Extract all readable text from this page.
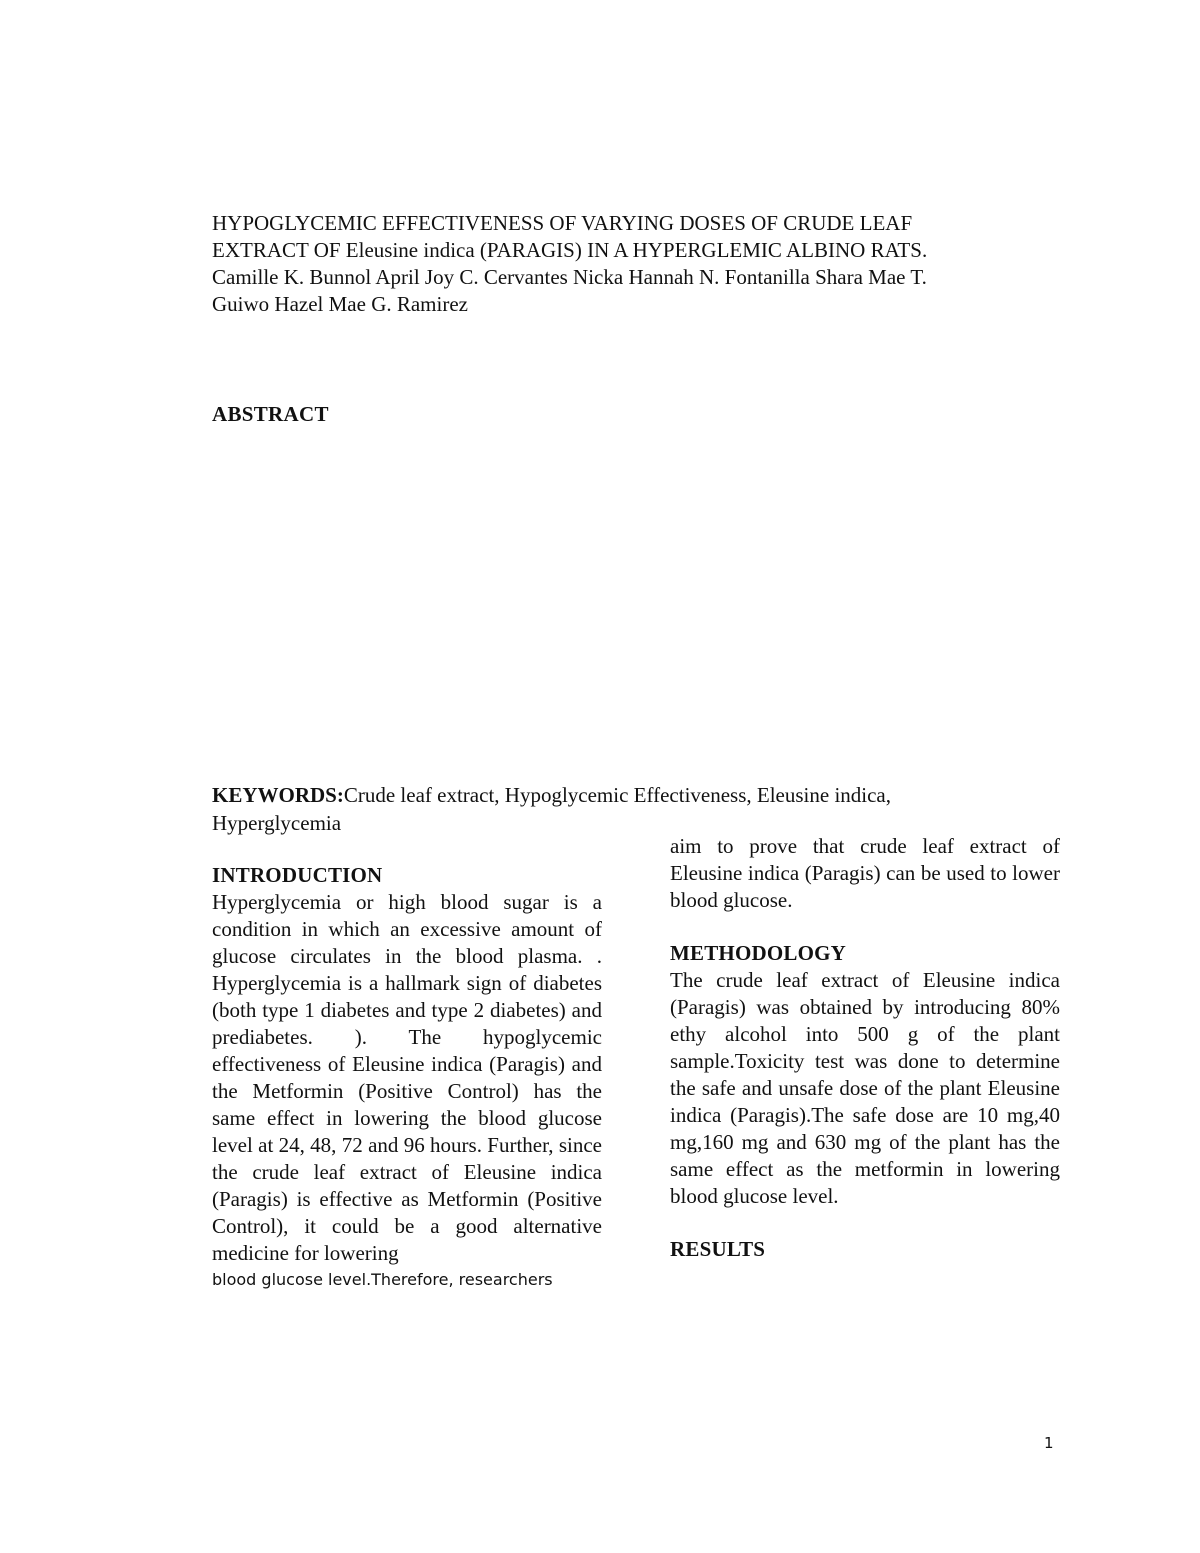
HYPOGLYCEMIC EFFECTIVENESS OF VARYING DOSES OF CRUDE LEAF

EXTRACT OF Eleusine indica (PARAGIS) IN A HYPERGLEMIC ALBINO RATS.

Camille K. Bunnol April Joy C. Cervantes Nicka Hannah N. Fontanilla Shara Mae T.

Guiwo Hazel Mae G. Ramirez

ABSTRACT

KEYWORDS:Crude leaf extract, Hypoglycemic Effectiveness, Eleusine indica, Hyperglycemia

INTRODUCTION

Hyperglycemia or high blood sugar is a condition in which an excessive amount of glucose circulates in the blood plasma. . Hyperglycemia is a hallmark sign of diabetes (both type 1 diabetes and type 2 diabetes) and prediabetes. ). The hypoglycemic effectiveness of Eleusine indica (Paragis) and the Metformin (Positive Control) has the same effect in lowering the blood glucose level at 24, 48, 72 and 96 hours. Further, since the crude leaf extract of Eleusine indica (Paragis) is effective as Metformin (Positive Control), it could be a good alternative medicine for lowering

blood glucose level.Therefore, researchers

aim to prove that crude leaf extract of Eleusine indica (Paragis) can be used to lower blood glucose.

METHODOLOGY

The crude leaf extract of Eleusine indica (Paragis) was obtained by introducing 80% ethy alcohol into 500 g of the plant sample.Toxicity test was done to determine the safe and unsafe dose of the plant Eleusine indica (Paragis).The safe dose are 10 mg,40 mg,160 mg and 630 mg of the plant has the same effect as the metformin in lowering blood glucose level.

RESULTS

1
